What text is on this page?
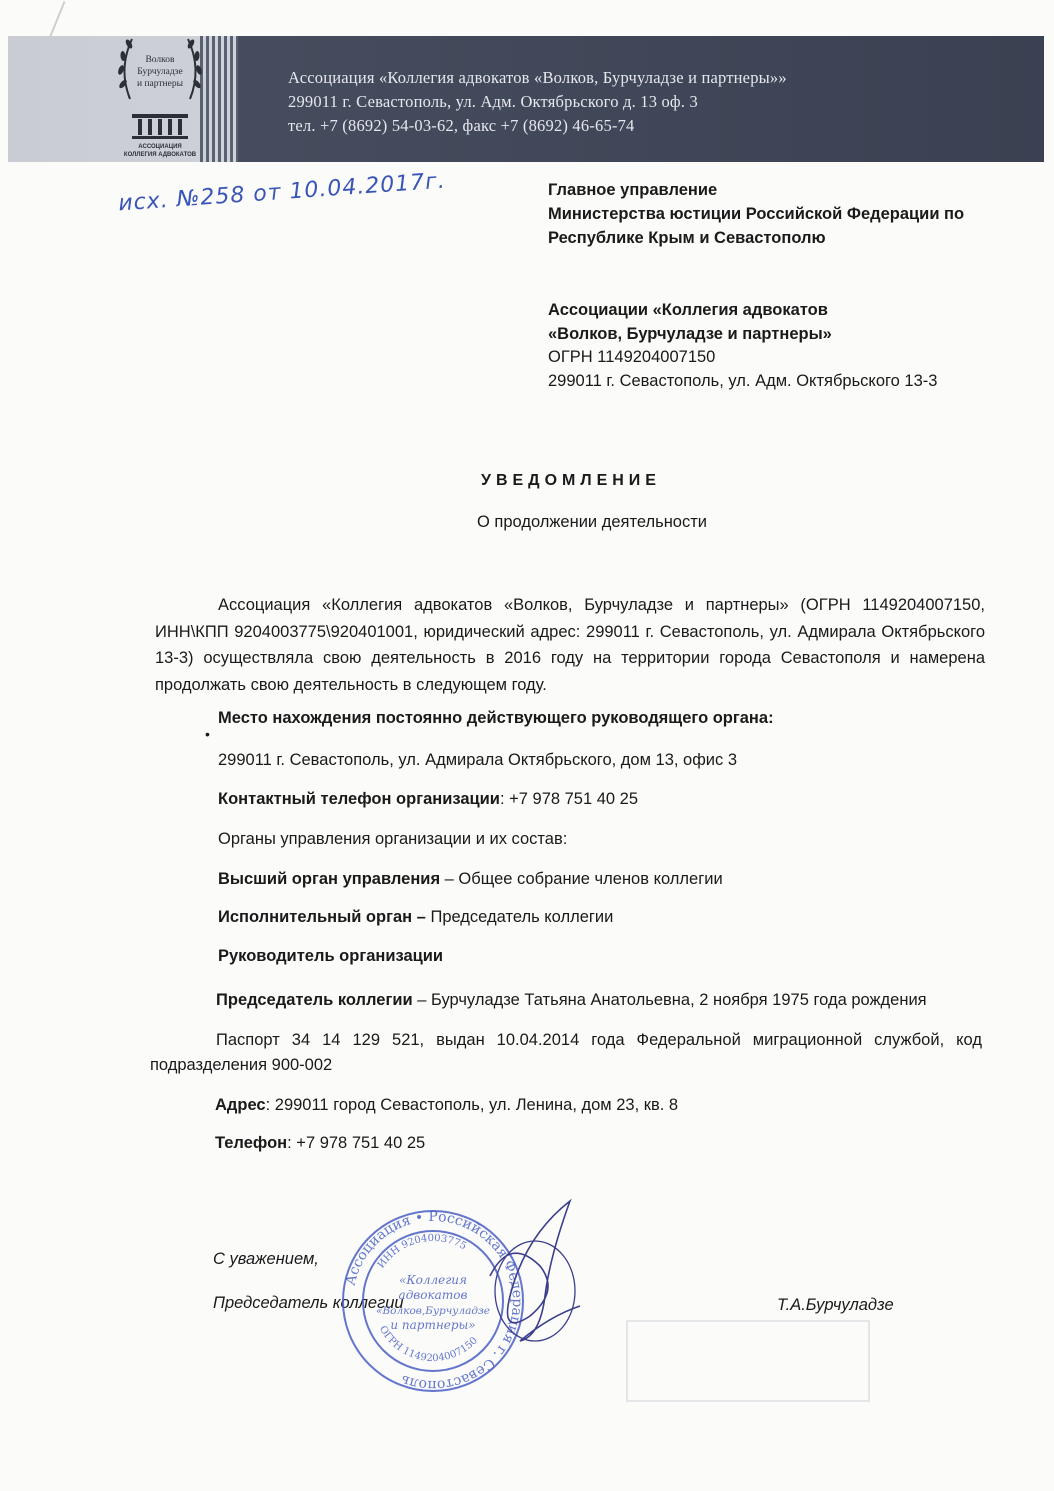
Волков
Бурчуладзе
и партнеры
АССОЦИАЦИЯ
КОЛЛЕГИЯ АДВОКАТОВ
Ассоциация «Коллегия адвокатов «Волков, Бурчуладзе и партнеры»»
299011 г. Севастополь, ул. Адм. Октябрьского д. 13 оф. 3
тел. +7 (8692) 54-03-62, факс +7 (8692) 46-65-74
исх. №258 от 10.04.2017г.	Главное управление
Министерства юстиции Российской Федерации по
Республике Крым и Севастополю
Ассоциации «Коллегия адвокатов
«Волков, Бурчуладзе и партнеры»
ОГРН 1149204007150
299011 г. Севастополь, ул. Адм. Октябрьского 13-3
УВЕДОМЛЕНИЕ
О продолжении деятельности
Ассоциация «Коллегия адвокатов «Волков, Бурчуладзе и партнеры» (ОГРН 1149204007150, ИНН\КПП 9204003775\920401001, юридический адрес: 299011 г. Севастополь, ул. Адмирала Октябрьского 13-3) осуществляла свою деятельность в 2016 году на территории города Севастополя и намерена продолжать свою деятельность в следующем году.
•
Место нахождения постоянно действующего руководящего органа:
299011 г. Севастополь, ул. Адмирала Октябрьского, дом 13, офис 3
Контактный телефон организации: +7 978 751 40 25
Органы управления организации и их состав:
Высший орган управления – Общее собрание членов коллегии
Исполнительный орган – Председатель коллегии
Руководитель организации
Председатель коллегии – Бурчуладзе Татьяна Анатольевна, 2 ноября 1975 года рождения
Паспорт 34 14 129 521, выдан 10.04.2014 года Федеральной миграционной службой, код подразделения 900-002
Адрес: 299011 город Севастополь, ул. Ленина, дом 23, кв. 8
Телефон: +7 978 751 40 25
С уважением,
Председатель коллегии	Т.А.Бурчуладзе
Ассоциация • Российская Федерация г. Севастополь
ИНН 9204003775
ОГРН 1149204007150
«Коллегия
адвокатов
«Волков,Бурчуладзе
и партнеры»
